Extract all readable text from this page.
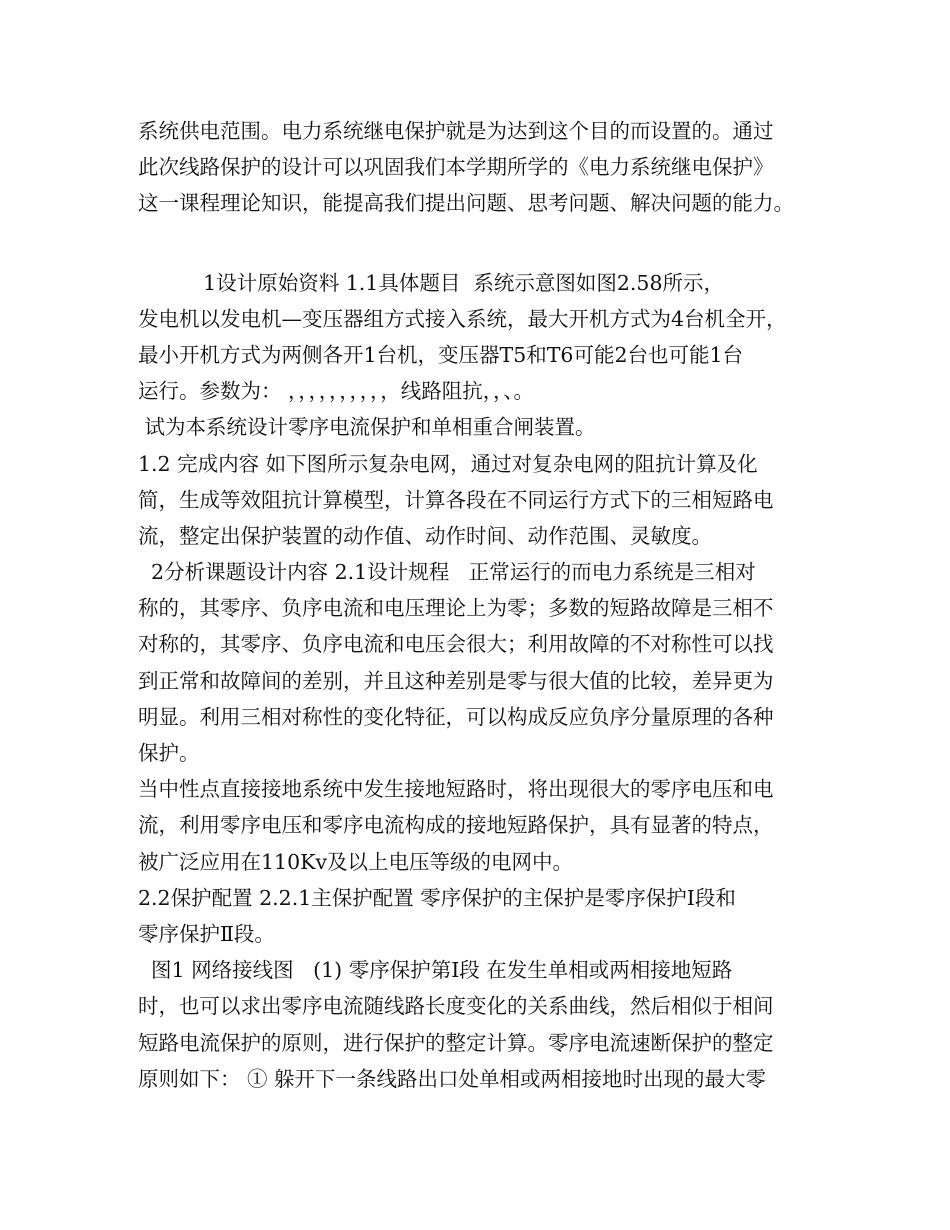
系统供电范围。电力系统继电保护就是为达到这个目的而设置的。通过
此次线路保护的设计可以巩固我们本学期所学的《电力系统继电保护》
这一课程理论知识，能提高我们提出问题、思考问题、解决问题的能力。
1设计原始资料 1.1具体题目  系统示意图如图2.58所示，
发电机以发电机—变压器组方式接入系统，最大开机方式为4台机全开，
最小开机方式为两侧各开1台机，变压器T5和T6可能2台也可能1台
运行。参数为： ，，，，，，，，，，线路阻抗，，、。
试为本系统设计零序电流保护和单相重合闸装置。
1.2 完成内容 如下图所示复杂电网，通过对复杂电网的阻抗计算及化
简，生成等效阻抗计算模型，计算各段在不同运行方式下的三相短路电
流，整定出保护装置的动作值、动作时间、动作范围、灵敏度。
2分析课题设计内容 2.1设计规程   正常运行的而电力系统是三相对
称的，其零序、负序电流和电压理论上为零；多数的短路故障是三相不
对称的，其零序、负序电流和电压会很大；利用故障的不对称性可以找
到正常和故障间的差别，并且这种差别是零与很大值的比较，差异更为
明显。利用三相对称性的变化特征，可以构成反应负序分量原理的各种
保护。
当中性点直接接地系统中发生接地短路时，将出现很大的零序电压和电
流，利用零序电压和零序电流构成的接地短路保护，具有显著的特点，
被广泛应用在110Kv及以上电压等级的电网中。
2.2保护配置 2.2.1主保护配置 零序保护的主保护是零序保护Ⅰ段和
零序保护Ⅱ段。
图1 网络接线图   (1) 零序保护第Ⅰ段 在发生单相或两相接地短路
时，也可以求出零序电流随线路长度变化的关系曲线，然后相似于相间
短路电流保护的原则，进行保护的整定计算。零序电流速断保护的整定
原则如下： ① 躲开下一条线路出口处单相或两相接地时出现的最大零
